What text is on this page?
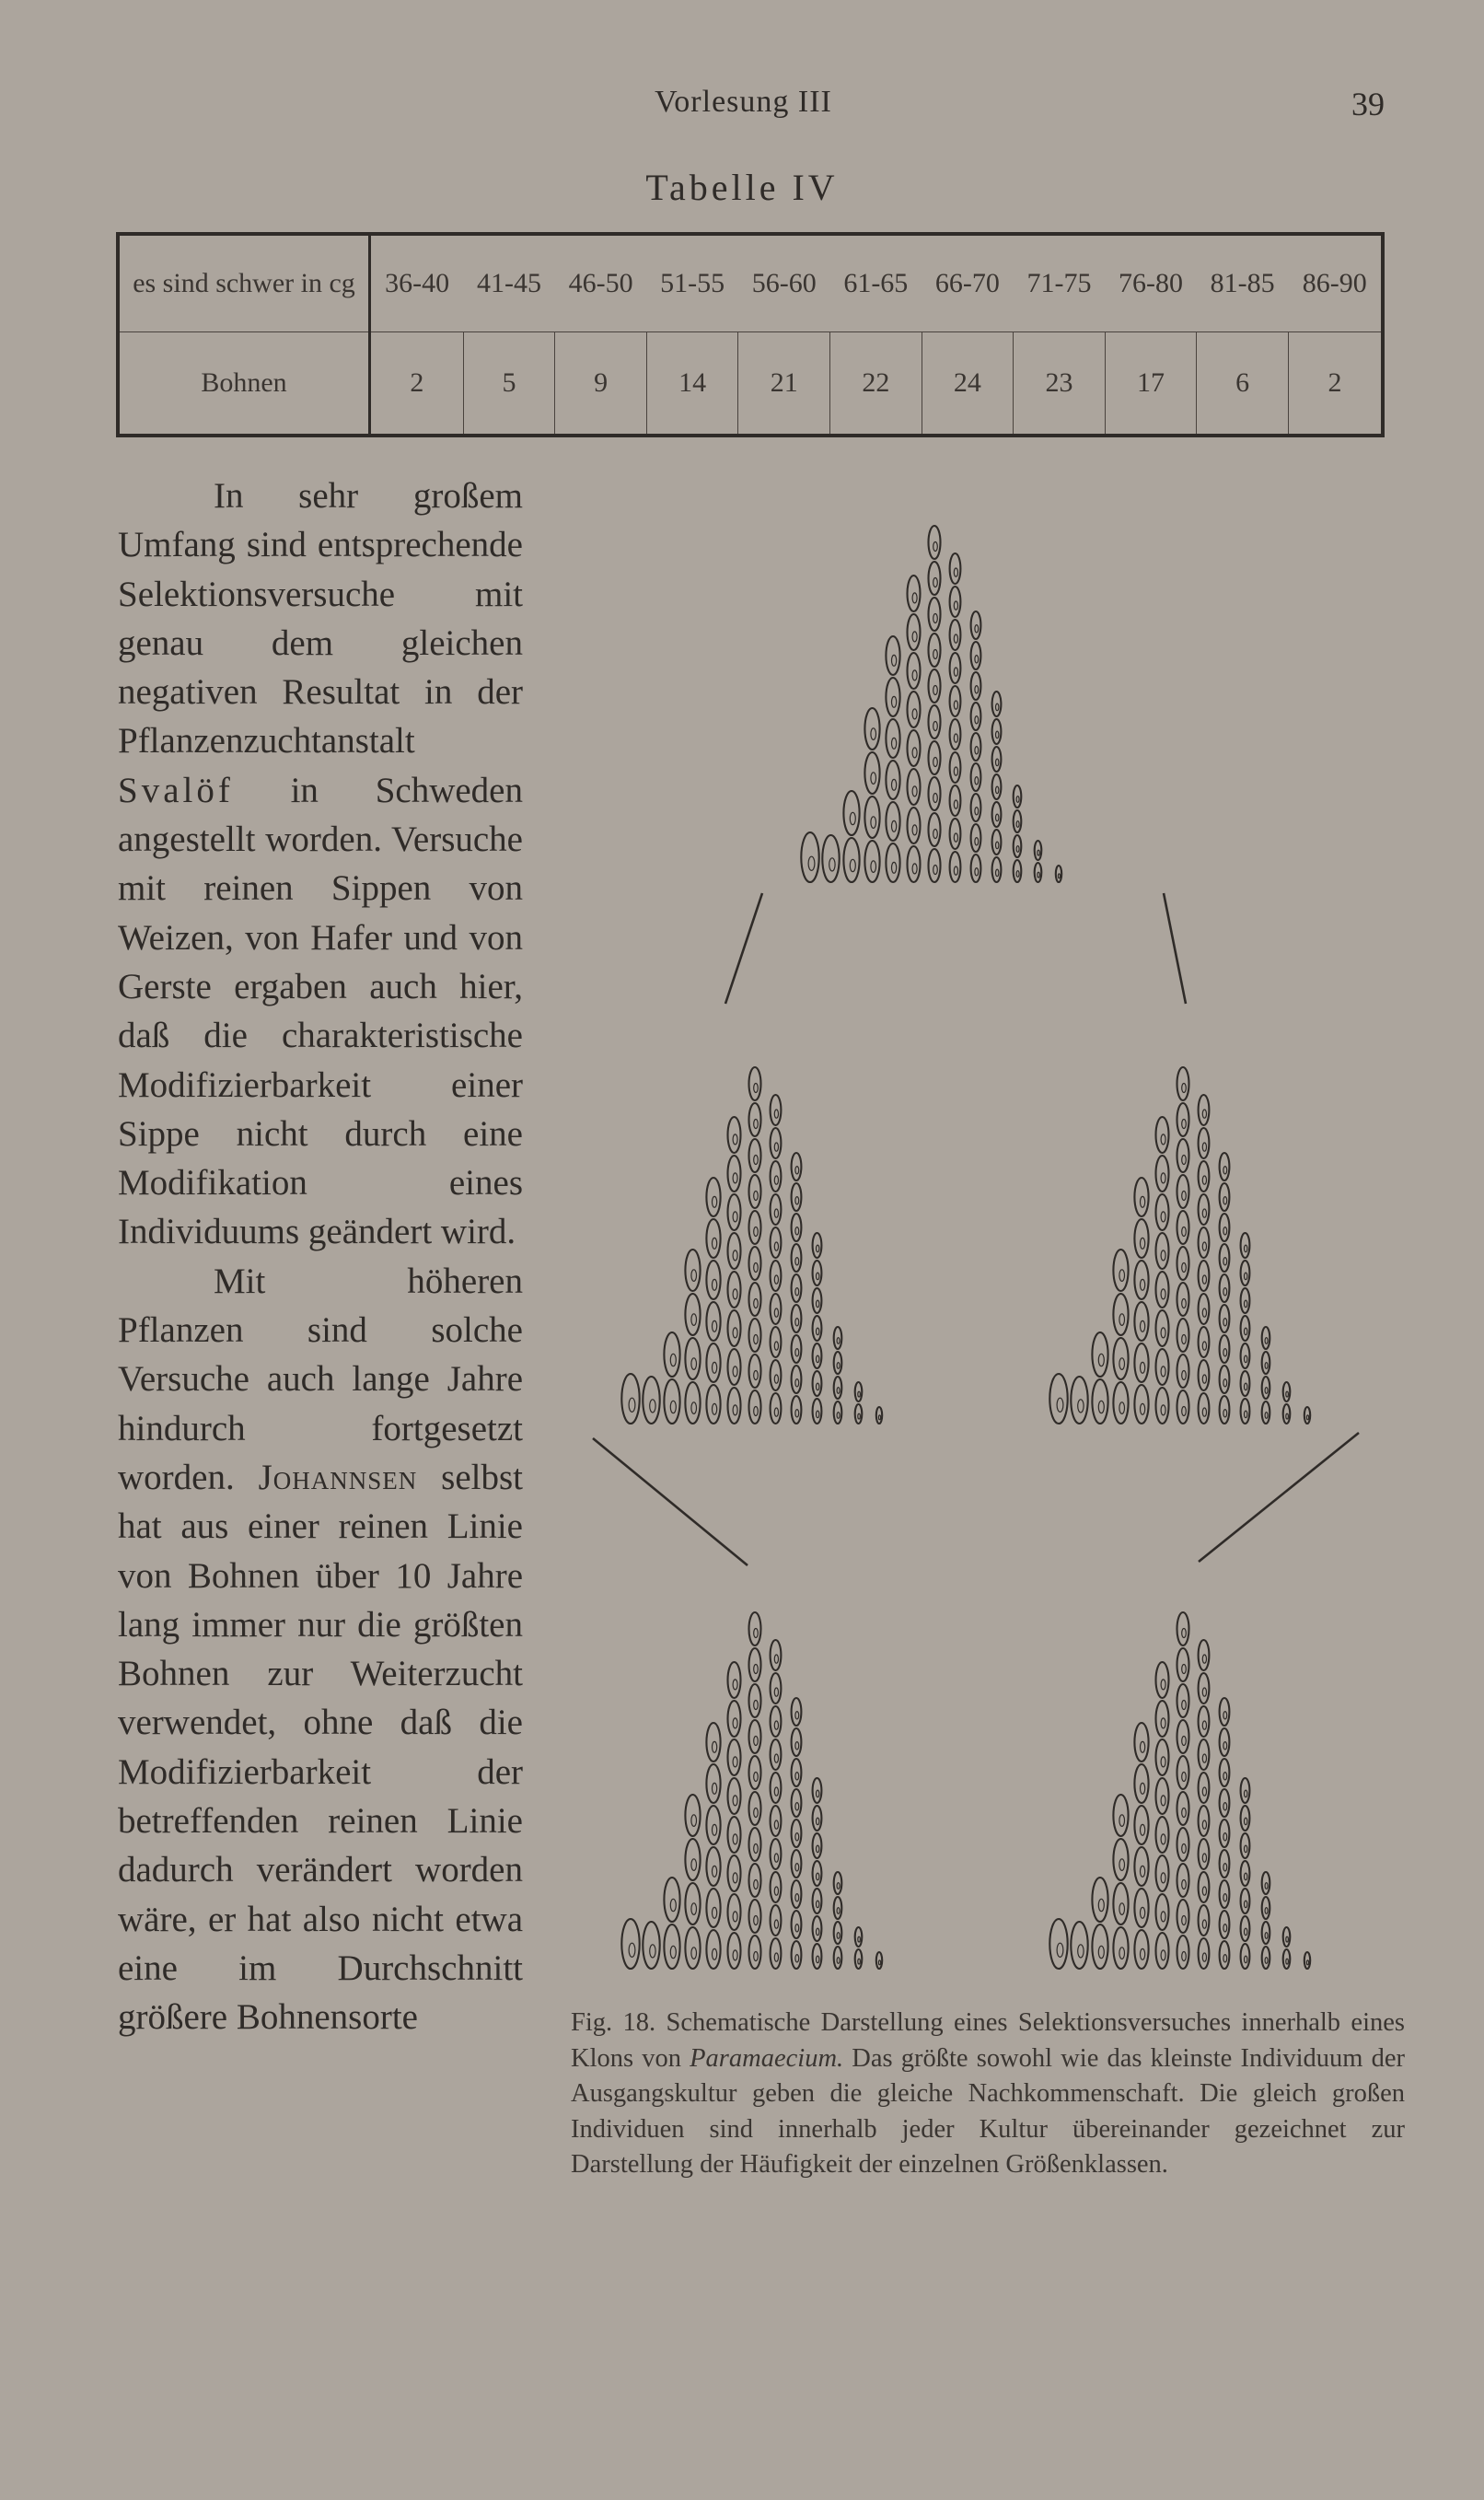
Vorlesung III	39
Tabelle IV
es sind schwer in cg	36-40	41-45	46-50	51-55	56-60	61-65	66-70	71-75	76-80	81-85	86-90
Bohnen	2	5	9	14	21	22	24	23	17	6	2

In sehr großem Umfang sind entsprechende Selektionsversuche mit genau dem gleichen negativen Resultat in der Pflanzenzuchtanstalt Svalöf in Schweden angestellt worden. Versuche mit reinen Sippen von Weizen, von Hafer und von Gerste ergaben auch hier, daß die charakteristische Modifizierbarkeit einer Sippe nicht durch eine Modifikation eines Individuums geändert wird.

Mit höheren Pflanzen sind solche Versuche auch lange Jahre hindurch fortgesetzt worden. Johannsen selbst hat aus einer reinen Linie von Bohnen über 10 Jahre lang immer nur die größten Bohnen zur Weiterzucht verwendet, ohne daß die Modifizierbarkeit der betreffenden reinen Linie dadurch verändert worden wäre, er hat also nicht etwa eine im Durchschnitt größere Bohnensorte	Fig. 18. Schematische Darstellung eines Selektionsversuches innerhalb eines Klons von Paramaecium. Das größte sowohl wie das kleinste Individuum der Ausgangskultur geben die gleiche Nachkommenschaft. Die gleich großen Individuen sind innerhalb jeder Kultur übereinander gezeichnet zur Darstellung der Häufigkeit der einzelnen Größenklassen.
